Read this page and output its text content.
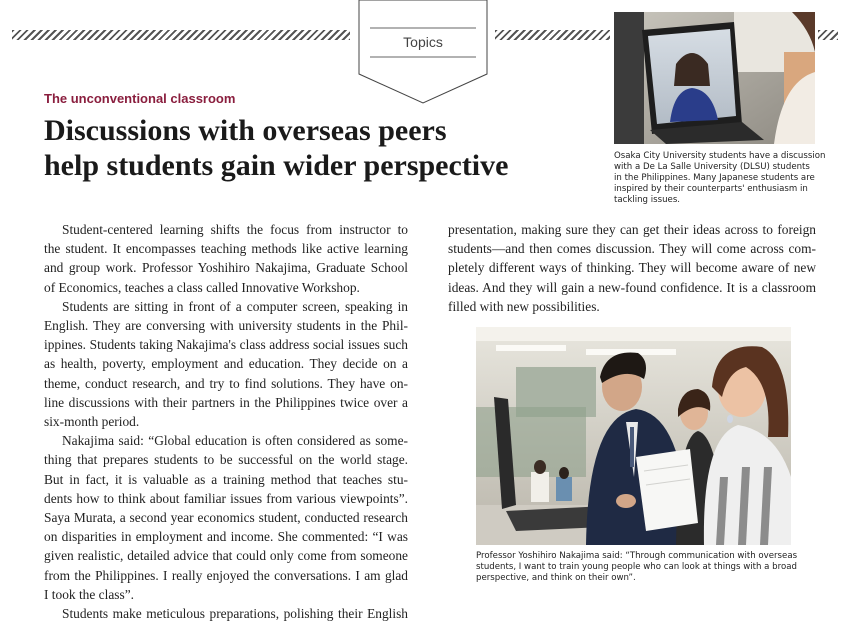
Topics
The unconventional classroom
Discussions with overseas peers
help students gain wider perspective	Osaka City University students have a discussion
with a De La Salle University (DLSU) students
in the Philippines. Many Japanese students are
inspired by their counterparts' enthusiasm in
tackling issues.

Student-centered learning shifts the focus from instructor to
the student. It encompasses teaching methods like active learning
and group work. Professor Yoshihiro Nakajima, Graduate School
of Economics, teaches a class called Innovative Workshop.

Students are sitting in front of a computer screen, speaking in
English. They are conversing with university students in the Phil-
ippines. Students taking Nakajima's class address social issues such
as health, poverty, employment and education. They decide on a
theme, conduct research, and try to find solutions. They have on-
line discussions with their partners in the Philippines twice over a
six-month period.

Nakajima said: “Global education is often considered as some-
thing that prepares students to be successful on the world stage.
But in fact, it is valuable as a training method that teaches stu-
dents how to think about familiar issues from various viewpoints”.
Saya Murata, a second year economics student, conducted research
on disparities in employment and income. She commented: “I was
given realistic, detailed advice that could only come from someone
from the Philippines. I really enjoyed the conversations. I am glad
I took the class”.

Students make meticulous preparations, polishing their English

presentation, making sure they can get their ideas across to foreign
students—and then comes discussion. They will come across com-
pletely different ways of thinking. They will become aware of new
ideas. And they will gain a new-found confidence. It is a classroom
filled with new possibilities.

Professor Yoshihiro Nakajima said: “Through communication with overseas
students, I want to train young people who can look at things with a broad
perspective, and think on their own”.
